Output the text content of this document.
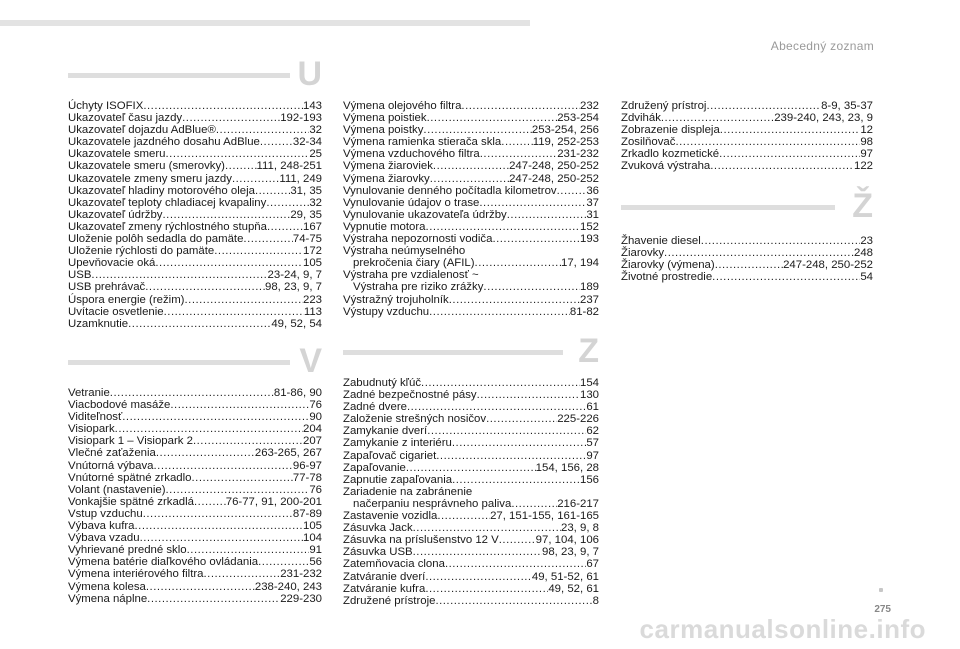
Abecedný zoznam
U
Úchyty ISOFIX .....	143
Ukazovateľ času jazdy .....	192-193
Ukazovateľ dojazdu AdBlue® .....	32
Ukazovatele jazdného dosahu AdBlue .....	32-34
Ukazovatele smeru .....	25
Ukazovatele smeru (smerovky) .....	111, 248-251
Ukazovatele zmeny smeru jazdy .....	111, 249
Ukazovateľ hladiny motorového oleja .....	31, 35
Ukazovateľ teploty chladiacej kvapaliny .....	32
Ukazovateľ údržby .....	29, 35
Ukazovateľ zmeny rýchlostného stupňa .....	167
Uloženie polôh sedadla do pamäte .....	74-75
Uloženie rýchlosti do pamäte .....	172
Upevňovacie oká .....	105
USB .....	23-24, 9, 7
USB prehrávač .....	98, 23, 9, 7
Úspora energie (režim) .....	223
Uvítacie osvetlenie .....	113
Uzamknutie .....	49, 52, 54
V
Vetranie .....	81-86, 90
Viacbodové masáže .....	76
Viditeľnosť .....	90
Visiopark .....	204
Visiopark 1 – Visiopark 2 .....	207
Vlečné zaťaženia .....	263-265, 267
Vnútorná výbava .....	96-97
Vnútorné spätné zrkadlo .....	77-78
Volant (nastavenie) .....	76
Vonkajšie spätné zrkadlá .....	76-77, 91, 200-201
Vstup vzduchu .....	87-89
Výbava kufra .....	105
Výbava vzadu .....	104
Vyhrievané predné sklo .....	91
Výmena batérie diaľkového ovládania .....	56
Výmena interiérového filtra .....	231-232
Výmena kolesa .....	238-240, 243
Výmena náplne .....	229-230
Výmena olejového filtra .....	232
Výmena poistiek .....	253-254
Výmena poistky .....	253-254, 256
Výmena ramienka stierača skla .....	119, 252-253
Výmena vzduchového filtra .....	231-232
Výmena žiaroviek .....	247-248, 250-252
Výmena žiarovky .....	247-248, 250-252
Vynulovanie denného počítadla kilometrov .....	36
Vynulovanie údajov o trase .....	37
Vynulovanie ukazovateľa údržby .....	31
Vypnutie motora .....	152
Výstraha nepozornosti vodiča .....	193
Výstraha neúmyselného
prekročenia čiary (AFIL) .....	17, 194
Výstraha pre vzdialenosť ~
Výstraha pre riziko zrážky .....	189
Výstražný trojuholník .....	237
Výstupy vzduchu .....	81-82
Z
Zabudnutý kľúč .....	154
Zadné bezpečnostné pásy .....	130
Zadné dvere .....	61
Založenie strešných nosičov .....	225-226
Zamykanie dverí .....	62
Zamykanie z interiéru .....	57
Zapaľovač cigariet .....	97
Zapaľovanie .....	154, 156, 28
Zapnutie zapaľovania .....	156
Zariadenie na zabránenie
načerpaniu nesprávneho paliva .....	216-217
Zastavenie vozidla .....	27, 151-155, 161-165
Zásuvka Jack .....	23, 9, 8
Zásuvka na príslušenstvo 12 V .....	97, 104, 106
Zásuvka USB .....	98, 23, 9, 7
Zatemňovacia clona .....	67
Zatváranie dverí .....	49, 51-52, 61
Zatváranie kufra .....	49, 52, 61
Združené prístroje .....	8
Združený prístroj .....	8-9, 35-37
Zdvihák .....	239-240, 243, 23, 9
Zobrazenie displeja .....	12
Zosilňovač .....	98
Zrkadlo kozmetické .....	97
Zvuková výstraha .....	122
Ž
Žhavenie diesel .....	23
Žiarovky .....	248
Žiarovky (výmena) .....	247-248, 250-252
Životné prostredie .....	54
275
carmanualsonline.info
